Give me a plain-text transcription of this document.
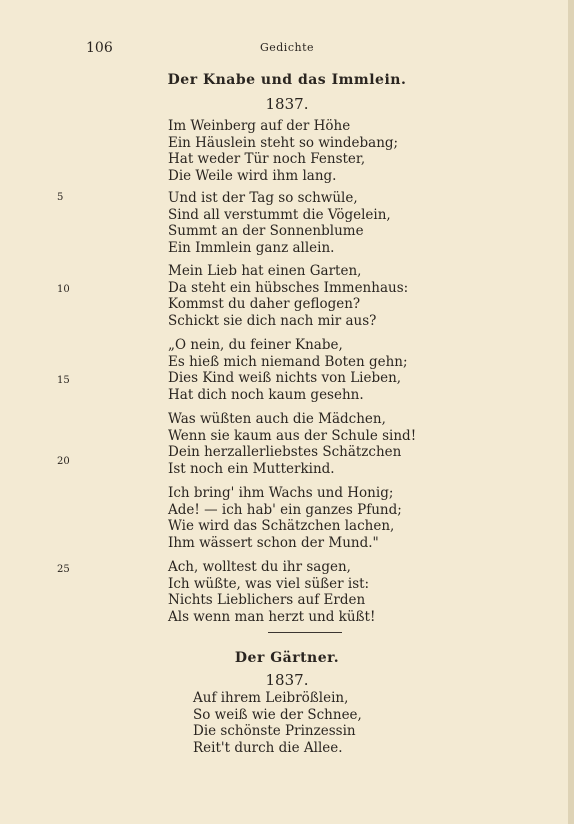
106	Gedichte
Der Knabe und das Immlein.
1837.
Im Weinberg auf der Höhe
Ein Häuslein steht so windebang;
Hat weder Tür noch Fenster,
Die Weile wird ihm lang.
Und ist der Tag so schwüle,
Sind all verstummt die Vögelein,
Summt an der Sonnenblume
Ein Immlein ganz allein.
Mein Lieb hat einen Garten,
Da steht ein hübsches Immenhaus:
Kommst du daher geflogen?
Schickt sie dich nach mir aus?
„O nein, du feiner Knabe,
Es hieß mich niemand Boten gehn;
Dies Kind weiß nichts von Lieben,
Hat dich noch kaum gesehn.
Was wüßten auch die Mädchen,
Wenn sie kaum aus der Schule sind!
Dein herzallerliebstes Schätzchen
Ist noch ein Mutterkind.
Ich bring' ihm Wachs und Honig;
Ade! — ich hab' ein ganzes Pfund;
Wie wird das Schätzchen lachen,
Ihm wässert schon der Mund."
Ach, wolltest du ihr sagen,
Ich wüßte, was viel süßer ist:
Nichts Lieblichers auf Erden
Als wenn man herzt und küßt!
Der Gärtner.
1837.
Auf ihrem Leibrößlein,
So weiß wie der Schnee,
Die schönste Prinzessin
Reit't durch die Allee.
5
10
15
20
25
